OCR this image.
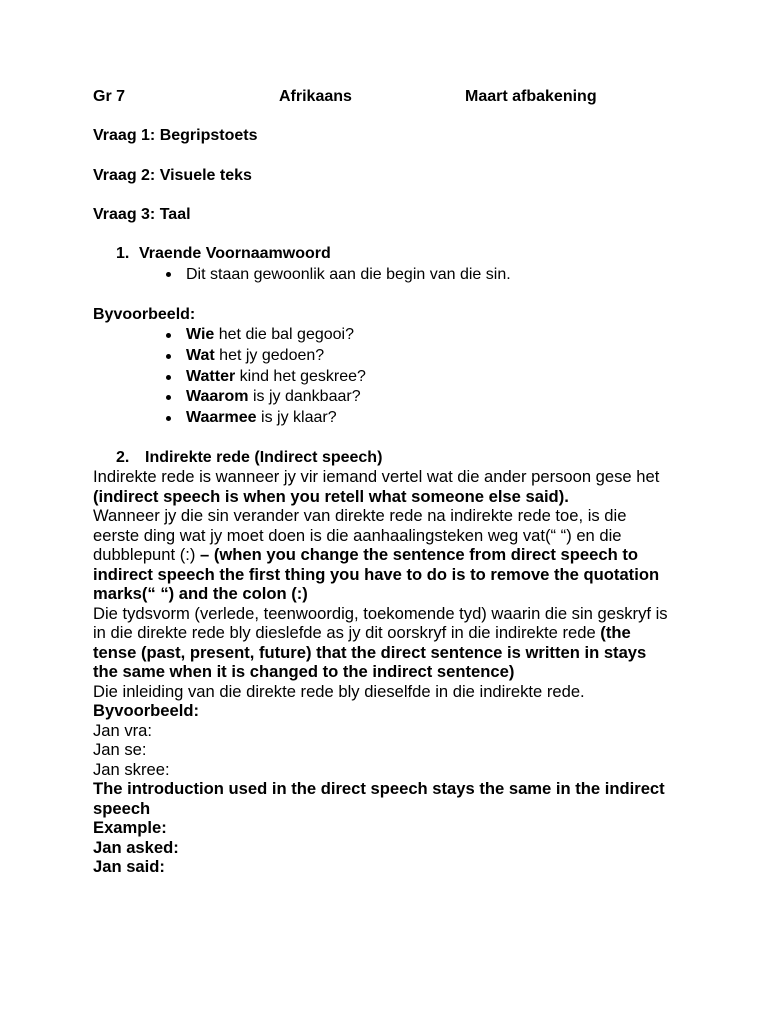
Gr 7	Afrikaans	Maart afbakening
Vraag 1: Begripstoets
Vraag 2: Visuele teks
Vraag 3: Taal
1. Vraende Voornaamwoord
Dit staan gewoonlik aan die begin van die sin.
Byvoorbeeld:
Wie het die bal gegooi?
Wat het jy gedoen?
Watter kind het geskree?
Waarom is jy dankbaar?
Waarmee is jy klaar?
2. Indirekte rede (Indirect speech)
Indirekte rede is wanneer jy vir iemand vertel wat die ander persoon gese het (indirect speech is when you retell what someone else said).
Wanneer jy die sin verander van direkte rede na indirekte rede toe, is die eerste ding wat jy moet doen is die aanhaalingsteken weg vat(“ “) en die dubblepunt (:) – (when you change the sentence from direct speech to indirect speech the first thing you have to do is to remove the quotation marks(“ “) and the colon (:)
Die tydsvorm (verlede, teenwoordig, toekomende tyd) waarin die sin geskryf is in die direkte rede bly dieslefde as jy dit oorskryf in die indirekte rede (the tense (past, present, future) that the direct sentence is written in stays the same when it is changed to the indirect sentence)
Die inleiding van die direkte rede bly dieselfde in die indirekte rede.
Byvoorbeeld:
Jan vra:
Jan se:
Jan skree:
The introduction used in the direct speech stays the same in the indirect speech
Example:
Jan asked:
Jan said:
